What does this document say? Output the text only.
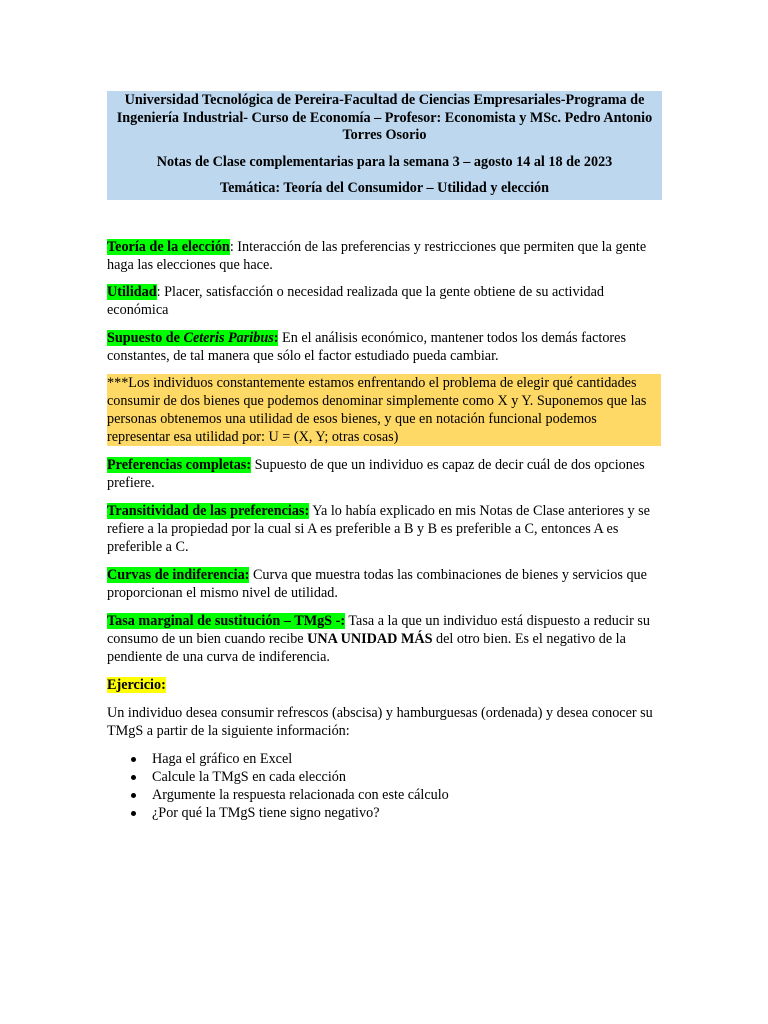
Universidad Tecnológica de Pereira-Facultad de Ciencias Empresariales-Programa de Ingeniería Industrial- Curso de Economía – Profesor: Economista y MSc. Pedro Antonio Torres Osorio
Notas de Clase complementarias para la semana 3 – agosto 14 al 18 de 2023
Temática: Teoría del Consumidor – Utilidad y elección

Teoría de la elección: Interacción de las preferencias y restricciones que permiten que la gente haga las elecciones que hace.

Utilidad: Placer, satisfacción o necesidad realizada que la gente obtiene de su actividad económica

Supuesto de Ceteris Paribus: En el análisis económico, mantener todos los demás factores constantes, de tal manera que sólo el factor estudiado pueda cambiar.

***Los individuos constantemente estamos enfrentando el problema de elegir qué cantidades consumir de dos bienes que podemos denominar simplemente como X y Y. Suponemos que las personas obtenemos una utilidad de esos bienes, y que en notación funcional podemos representar esa utilidad por: U = (X, Y; otras cosas)

Preferencias completas: Supuesto de que un individuo es capaz de decir cuál de dos opciones prefiere.

Transitividad de las preferencias: Ya lo había explicado en mis Notas de Clase anteriores y se refiere a la propiedad por la cual si A es preferible a B y B es preferible a C, entonces A es preferible a C.

Curvas de indiferencia: Curva que muestra todas las combinaciones de bienes y servicios que proporcionan el mismo nivel de utilidad.

Tasa marginal de sustitución – TMgS -: Tasa a la que un individuo está dispuesto a reducir su consumo de un bien cuando recibe UNA UNIDAD MÁS del otro bien. Es el negativo de la pendiente de una curva de indiferencia.

Ejercicio:

Un individuo desea consumir refrescos (abscisa) y hamburguesas (ordenada) y desea conocer su TMgS a partir de la siguiente información:

Haga el gráfico en Excel
Calcule la TMgS en cada elección
Argumente la respuesta relacionada con este cálculo
¿Por qué la TMgS tiene signo negativo?
